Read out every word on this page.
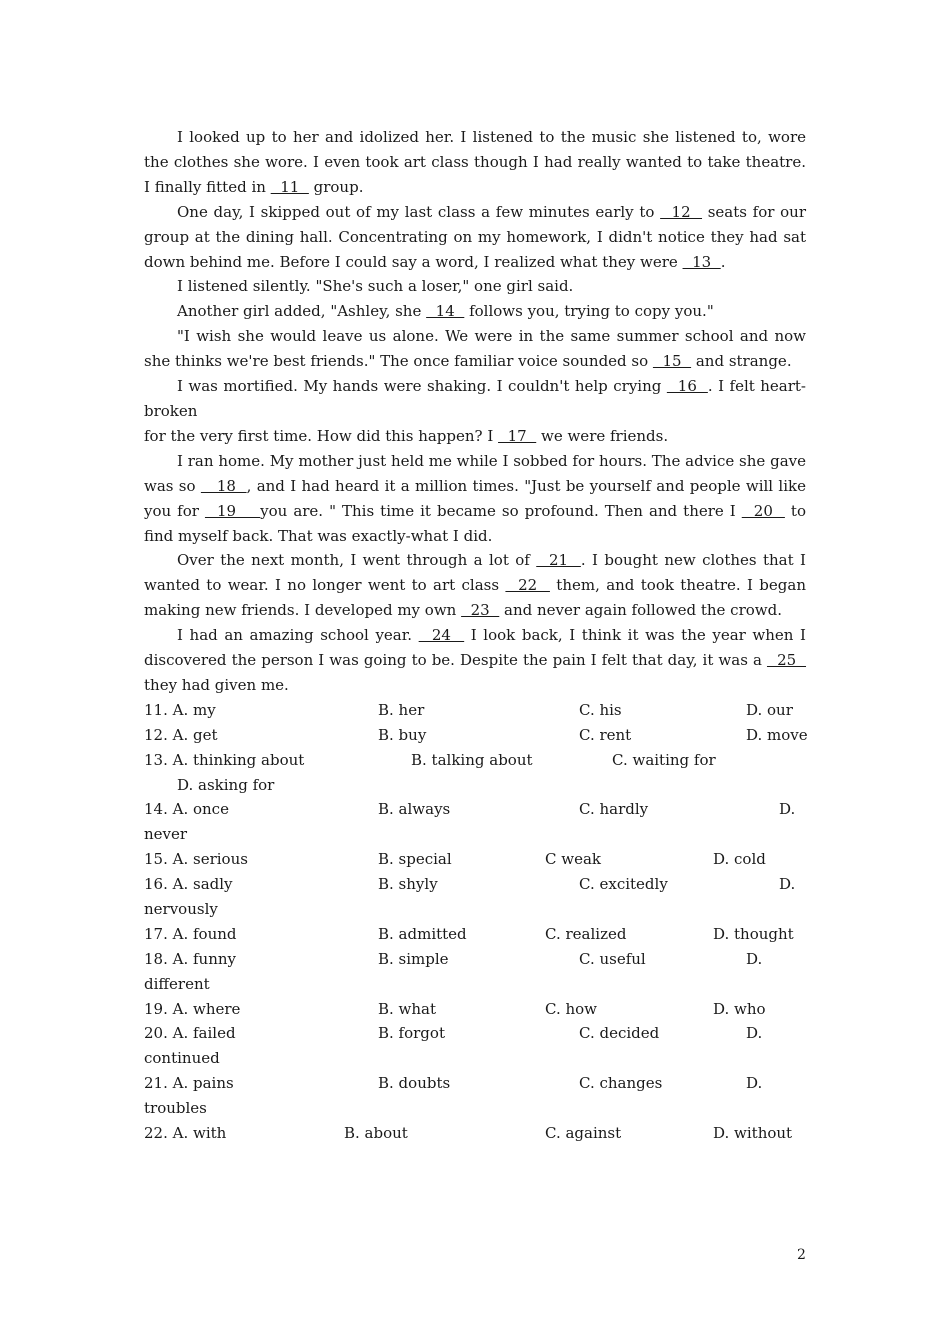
I looked up to her and idolized her. I listened to the music she listened to, wore the clothes she wore. I even took art class though I had really wanted to take theatre. I finally fitted in   11   group.

One day, I skipped out of my last class a few minutes early to   12   seats for our group at the dining hall. Concentrating on my homework, I didn't notice they had sat down behind me. Before I could say a word, I realized what they were   13  .

I listened silently. "She's such a loser," one girl said.

Another girl added, "Ashley, she   14   follows you, trying to copy you."

"I wish she would leave us alone. We were in the same summer school and now she thinks we're best friends." The once familiar voice sounded so   15   and strange.

I was mortified. My hands were shaking. I couldn't help crying   16  . I felt heart-broken

for the very first time. How did this happen? I   17   we were friends.

I ran home. My mother just held me while I sobbed for hours. The advice she gave was so    18  , and I had heard it a million times. "Just be yourself and people will like you for   19    you are. " This time it became so profound. Then and there I   20   to find myself back. That was exactly-what I did.

Over the next month, I went through a lot of   21  . I bought new clothes that I wanted to wear. I no longer went to art class   22   them, and took theatre. I began making new friends. I developed my own   23   and never again followed the crowd.

I had an amazing school year.   24   I look back, I think it was the year when I discovered the person I was going to be. Despite the pain I felt that day, it was a   25   they had given me.

11. A. my	B. her	C. his	D. our
12. A. get	B. buy	C. rent	D. move
13. A. thinking about	B. talking about	C. waiting for
D. asking for
14. A. once	B. always	C. hardly	D.
never
15. A. serious	B. special	C weak	D. cold
16. A. sadly	B. shyly	C. excitedly	D.
nervously
17. A. found	B. admitted	C. realized	D. thought
18. A. funny	B. simple	C. useful	D.
different
19. A. where	B. what	C. how	D. who
20. A. failed	B. forgot	C. decided	D.
continued
21. A. pains	B. doubts	C. changes	D.
troubles
22. A. with	B. about	C. against	D. without
2
